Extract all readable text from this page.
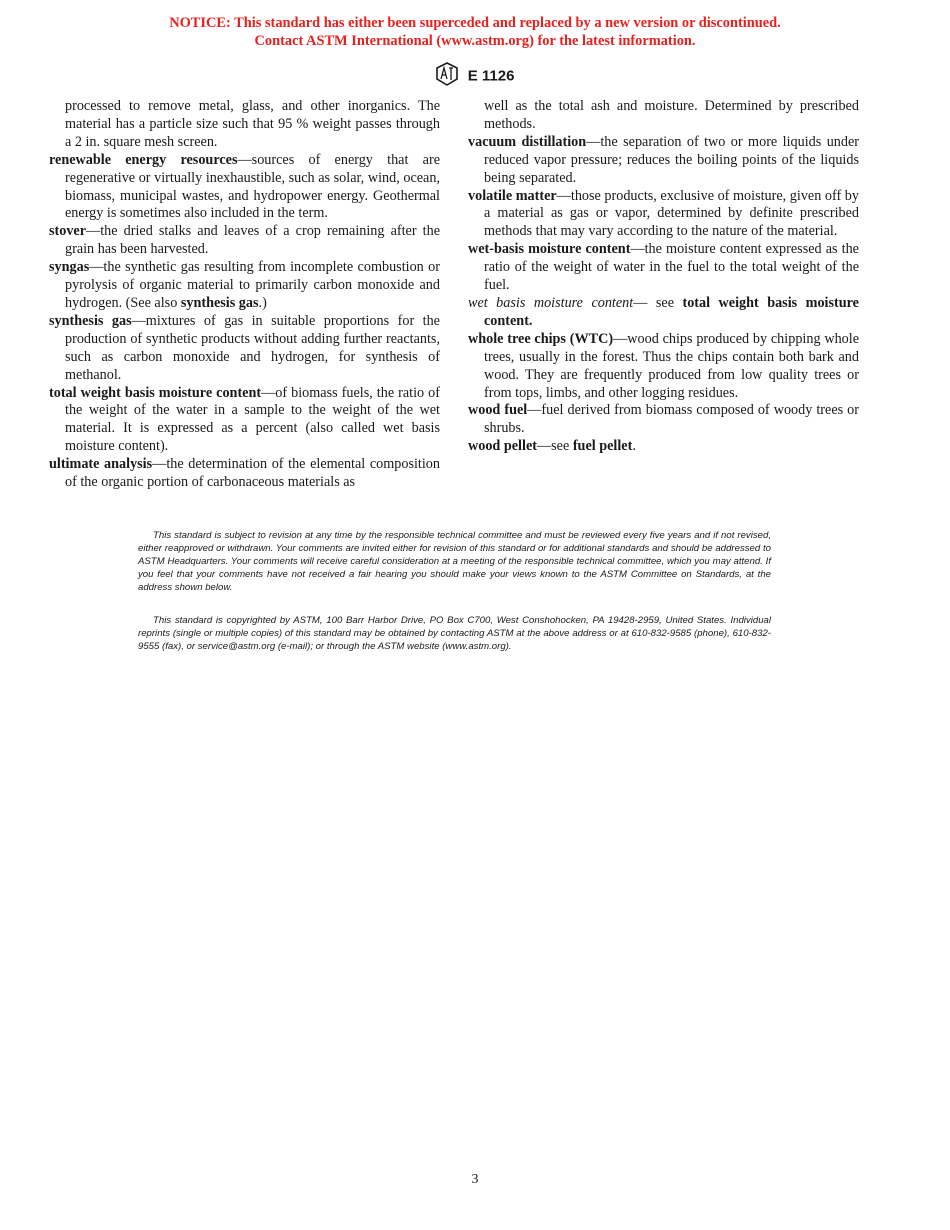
NOTICE: This standard has either been superceded and replaced by a new version or discontinued.
Contact ASTM International (www.astm.org) for the latest information.
E 1126

processed to remove metal, glass, and other inorganics. The material has a particle size such that 95 % weight passes through a 2 in. square mesh screen.

renewable energy resources—sources of energy that are regenerative or virtually inexhaustible, such as solar, wind, ocean, biomass, municipal wastes, and hydropower energy. Geothermal energy is sometimes also included in the term.

stover—the dried stalks and leaves of a crop remaining after the grain has been harvested.

syngas—the synthetic gas resulting from incomplete combustion or pyrolysis of organic material to primarily carbon monoxide and hydrogen. (See also synthesis gas.)

synthesis gas—mixtures of gas in suitable proportions for the production of synthetic products without adding further reactants, such as carbon monoxide and hydrogen, for synthesis of methanol.

total weight basis moisture content—of biomass fuels, the ratio of the weight of the water in a sample to the weight of the wet material. It is expressed as a percent (also called wet basis moisture content).

ultimate analysis—the determination of the elemental composition of the organic portion of carbonaceous materials as

well as the total ash and moisture. Determined by prescribed methods.

vacuum distillation—the separation of two or more liquids under reduced vapor pressure; reduces the boiling points of the liquids being separated.

volatile matter—those products, exclusive of moisture, given off by a material as gas or vapor, determined by definite prescribed methods that may vary according to the nature of the material.

wet-basis moisture content—the moisture content expressed as the ratio of the weight of water in the fuel to the total weight of the fuel.

wet basis moisture content— see total weight basis moisture content.

whole tree chips (WTC)—wood chips produced by chipping whole trees, usually in the forest. Thus the chips contain both bark and wood. They are frequently produced from low quality trees or from tops, limbs, and other logging residues.

wood fuel—fuel derived from biomass composed of woody trees or shrubs.

wood pellet—see fuel pellet.

This standard is subject to revision at any time by the responsible technical committee and must be reviewed every five years and if not revised, either reapproved or withdrawn. Your comments are invited either for revision of this standard or for additional standards and should be addressed to ASTM Headquarters. Your comments will receive careful consideration at a meeting of the responsible technical committee, which you may attend. If you feel that your comments have not received a fair hearing you should make your views known to the ASTM Committee on Standards, at the address shown below.

This standard is copyrighted by ASTM, 100 Barr Harbor Drive, PO Box C700, West Conshohocken, PA 19428-2959, United States. Individual reprints (single or multiple copies) of this standard may be obtained by contacting ASTM at the above address or at 610-832-9585 (phone), 610-832-9555 (fax), or service@astm.org (e-mail); or through the ASTM website (www.astm.org).

3
